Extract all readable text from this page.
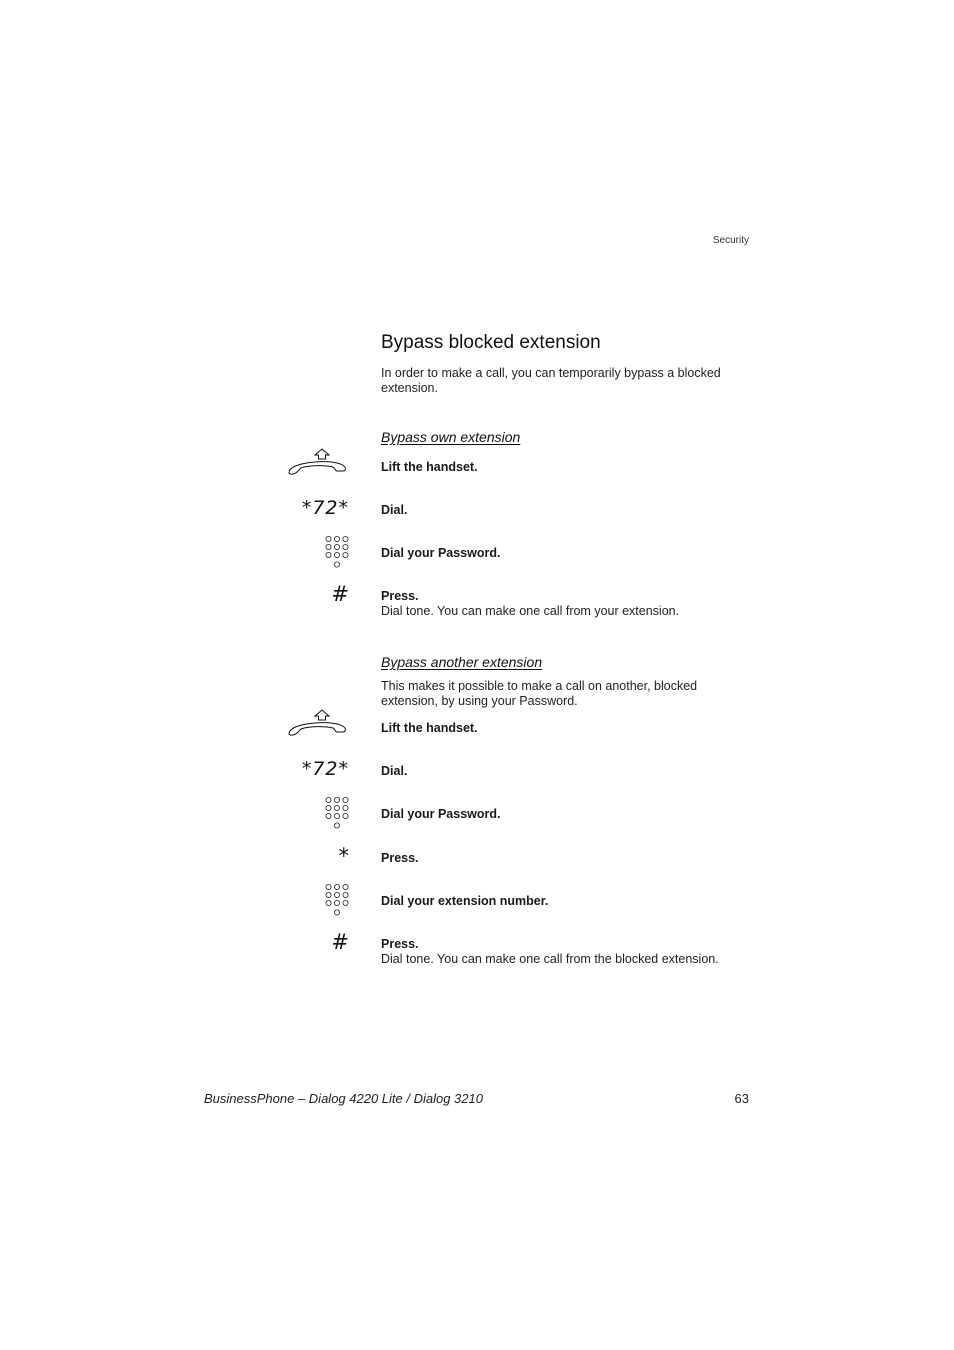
Security
Bypass blocked extension
In order to make a call, you can temporarily bypass a blocked extension.
Bypass own extension
Lift the handset.
*72*	Dial.
Dial your Password.
#	Press.
Dial tone. You can make one call from your extension.
Bypass another extension
This makes it possible to make a call on another, blocked extension, by using your Password.
Lift the handset.
*72*	Dial.
Dial your Password.
*	Press.
Dial your extension number.
#	Press.
Dial tone. You can make one call from the blocked extension.
BusinessPhone – Dialog 4220 Lite / Dialog 3210	63
